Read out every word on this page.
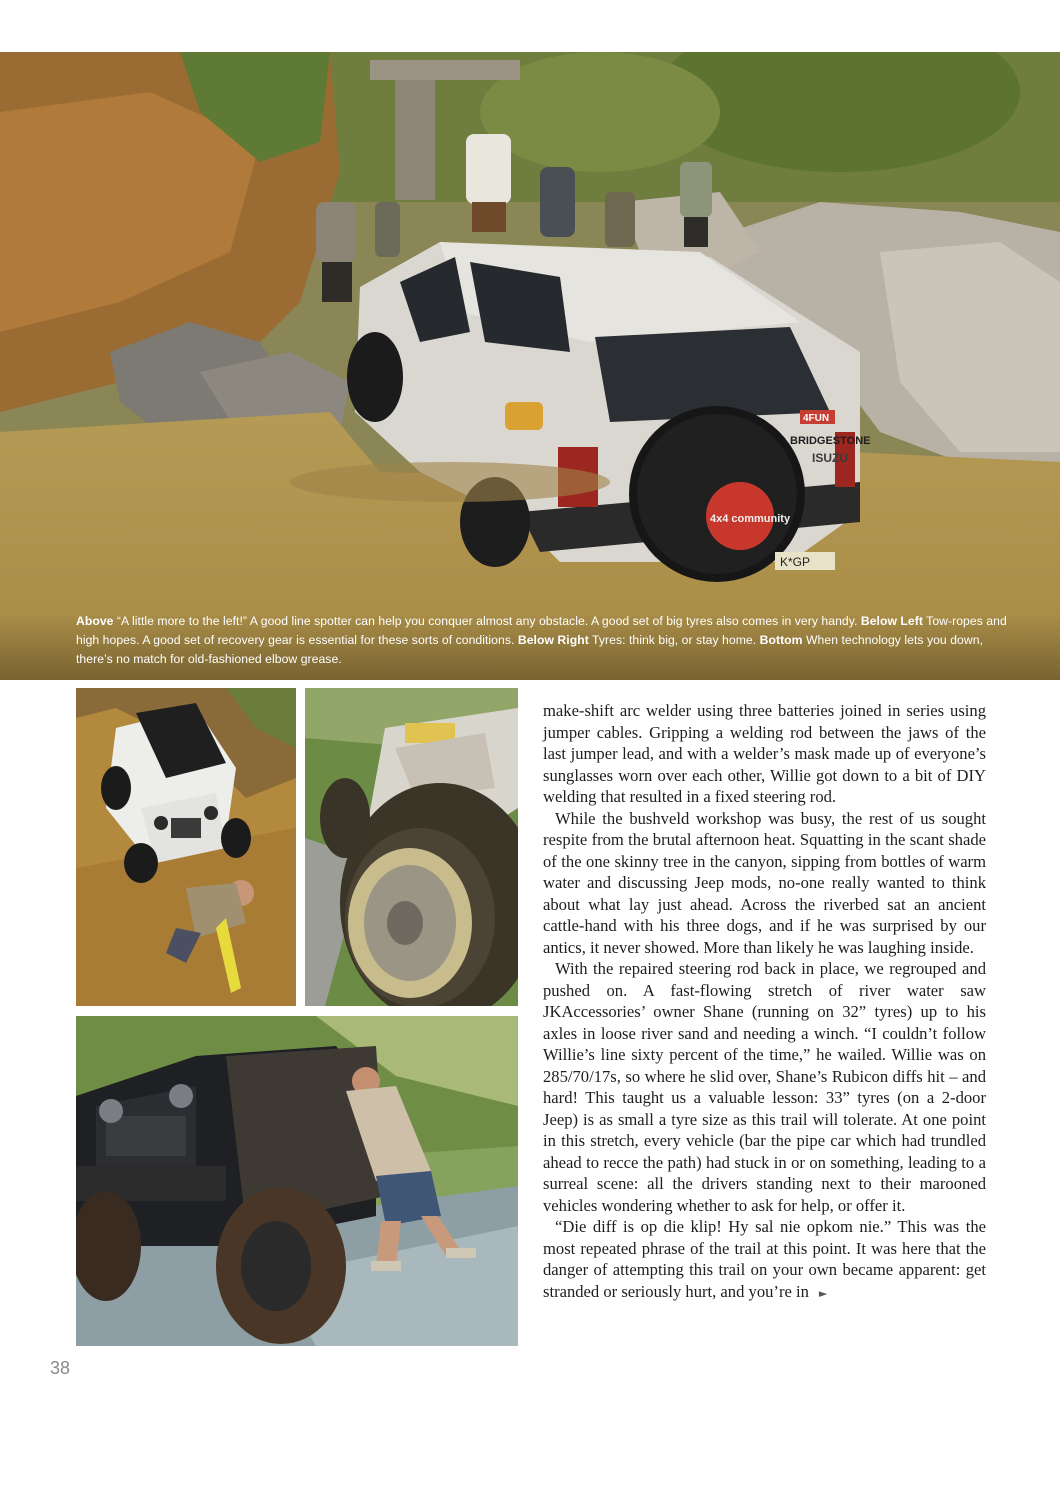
4FUN
BRIDGESTONE
ISUZU
4x4 community
K*GP
Above “A little more to the left!” A good line spotter can help you conquer almost any obstacle. A good set of big tyres also comes in very handy. Below Left Tow-ropes and high hopes. A good set of recovery gear is essential for these sorts of conditions. Below Right Tyres: think big, or stay home. Bottom When technology lets you down, there’s no match for old-fashioned elbow grease.

make-shift arc welder using three batteries joined in series using jumper cables. Gripping a welding rod between the jaws of the last jumper lead, and with a welder’s mask made up of everyone’s sunglasses worn over each other, Willie got down to a bit of DIY welding that resulted in a fixed steering rod.

While the bushveld workshop was busy, the rest of us sought respite from the brutal afternoon heat. Squatting in the scant shade of the one skinny tree in the canyon, sipping from bottles of warm water and discussing Jeep mods, no-one really wanted to think about what lay just ahead. Across the riverbed sat an ancient cattle-hand with his three dogs, and if he was surprised by our antics, it never showed. More than likely he was laughing inside.

With the repaired steering rod back in place, we regrouped and pushed on. A fast-flowing stretch of river water saw JKAccessories’ owner Shane (running on 32” tyres) up to his axles in loose river sand and needing a winch. “I couldn’t follow Willie’s line sixty percent of the time,” he wailed. Willie was on 285/70/17s, so where he slid over, Shane’s Rubicon diffs hit – and hard! This taught us a valuable lesson: 33” tyres (on a 2-door Jeep) is as small a tyre size as this trail will tolerate. At one point in this stretch, every vehicle (bar the pipe car which had trundled ahead to recce the path) had stuck in or on something, leading to a surreal scene: all the drivers standing next to their marooned vehicles wondering whether to ask for help, or offer it.

“Die diff is op die klip! Hy sal nie opkom nie.” This was the most repeated phrase of the trail at this point. It was here that the danger of attempting this trail on your own became apparent: get stranded or seriously hurt, and you’re in ►

38
